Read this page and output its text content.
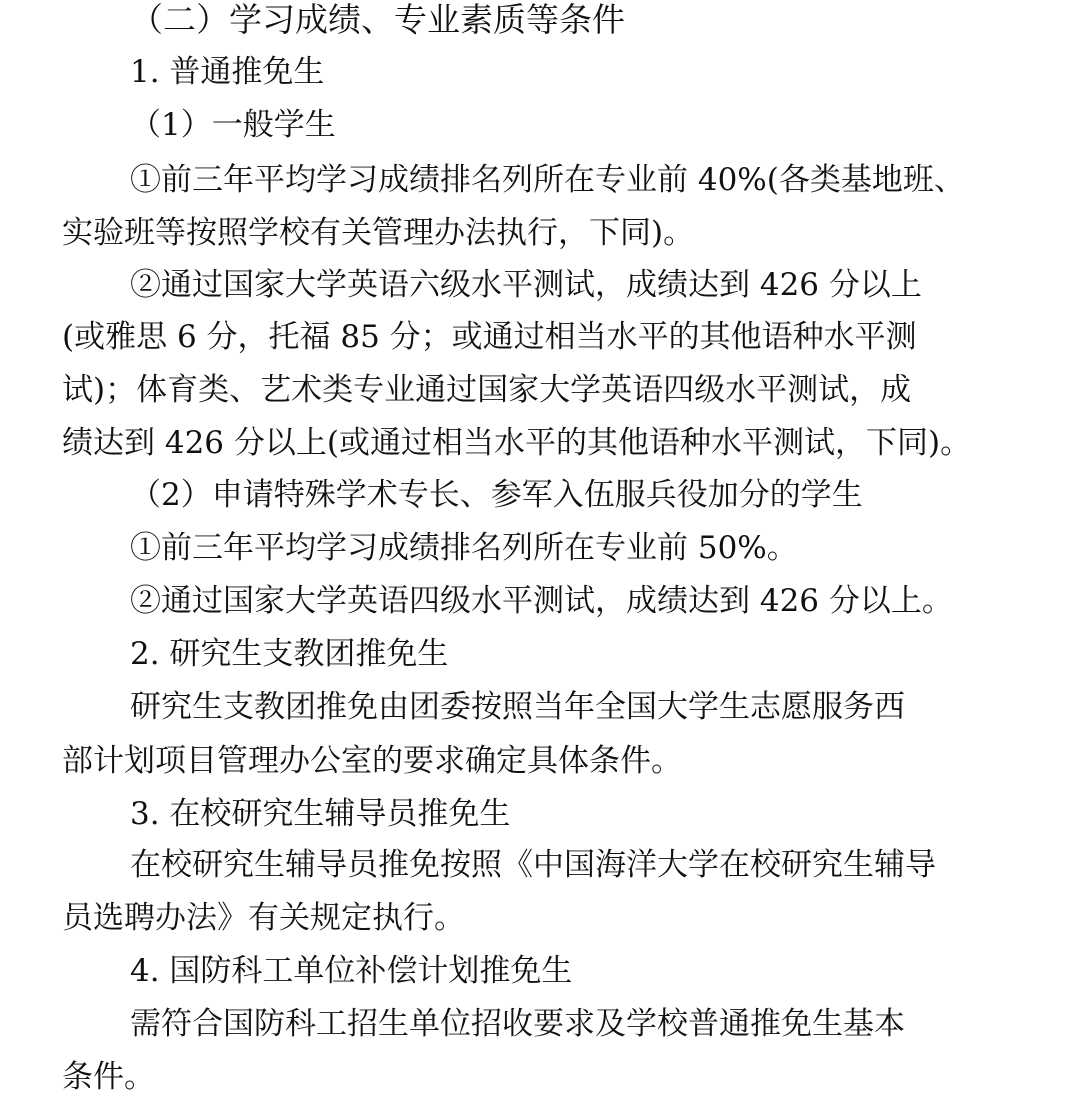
（二）学习成绩、专业素质等条件

1. 普通推免生

（1）一般学生

①前三年平均学习成绩排名列所在专业前 40%(各类基地班、

实验班等按照学校有关管理办法执行，下同)。

②通过国家大学英语六级水平测试，成绩达到 426 分以上

(或雅思 6 分，托福 85 分；或通过相当水平的其他语种水平测

试)；体育类、艺术类专业通过国家大学英语四级水平测试，成

绩达到 426 分以上(或通过相当水平的其他语种水平测试，下同)。

（2）申请特殊学术专长、参军入伍服兵役加分的学生

①前三年平均学习成绩排名列所在专业前 50%。

②通过国家大学英语四级水平测试，成绩达到 426 分以上。

2. 研究生支教团推免生

研究生支教团推免由团委按照当年全国大学生志愿服务西

部计划项目管理办公室的要求确定具体条件。

3. 在校研究生辅导员推免生

在校研究生辅导员推免按照《中国海洋大学在校研究生辅导

员选聘办法》有关规定执行。

4. 国防科工单位补偿计划推免生

需符合国防科工招生单位招收要求及学校普通推免生基本

条件。
